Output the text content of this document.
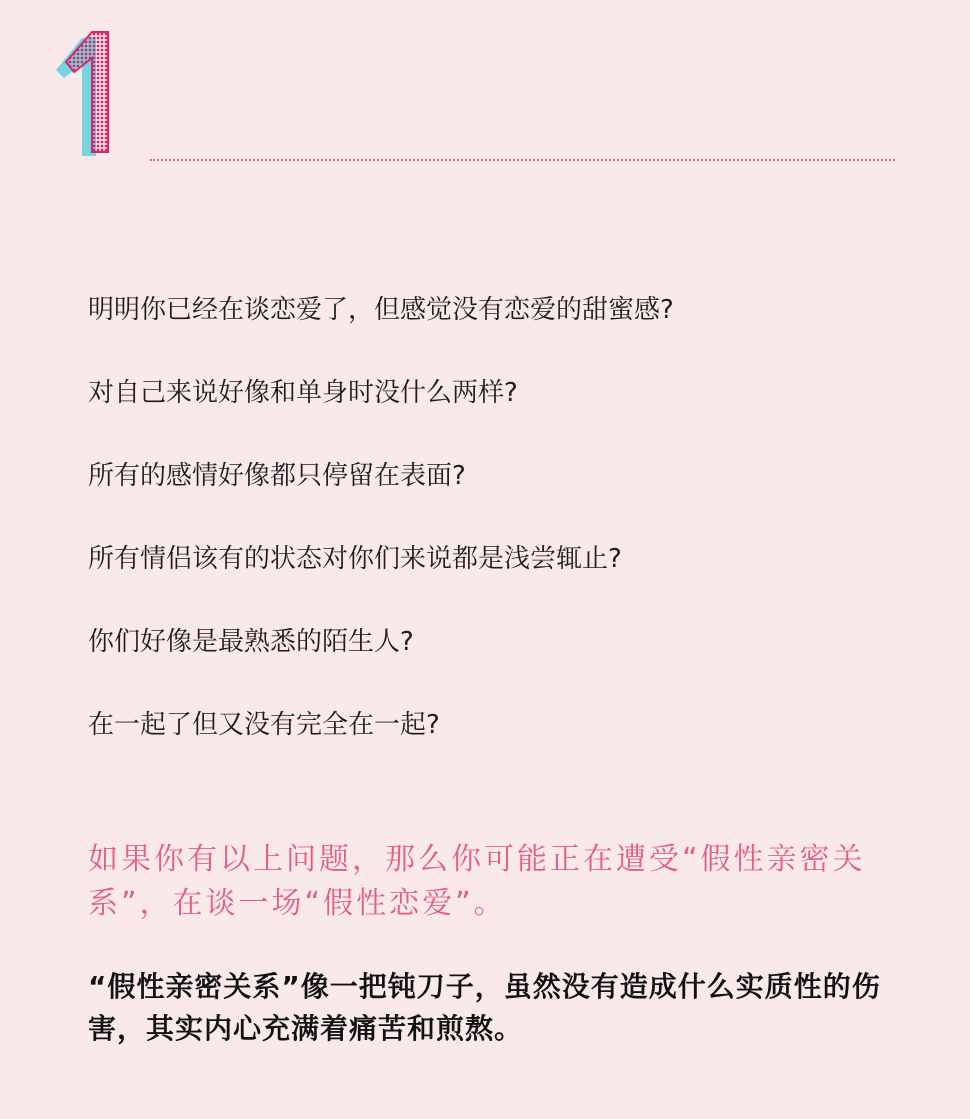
1
明明你已经在谈恋爱了，但感觉没有恋爱的甜蜜感?
对自己来说好像和单身时没什么两样?
所有的感情好像都只停留在表面?
所有情侣该有的状态对你们来说都是浅尝辄止?
你们好像是最熟悉的陌生人?
在一起了但又没有完全在一起?

如果你有以上问题，那么你可能正在遭受“假性亲密关系”，在谈一场“假性恋爱”。

“假性亲密关系”像一把钝刀子，虽然没有造成什么实质性的伤害，其实内心充满着痛苦和煎熬。
